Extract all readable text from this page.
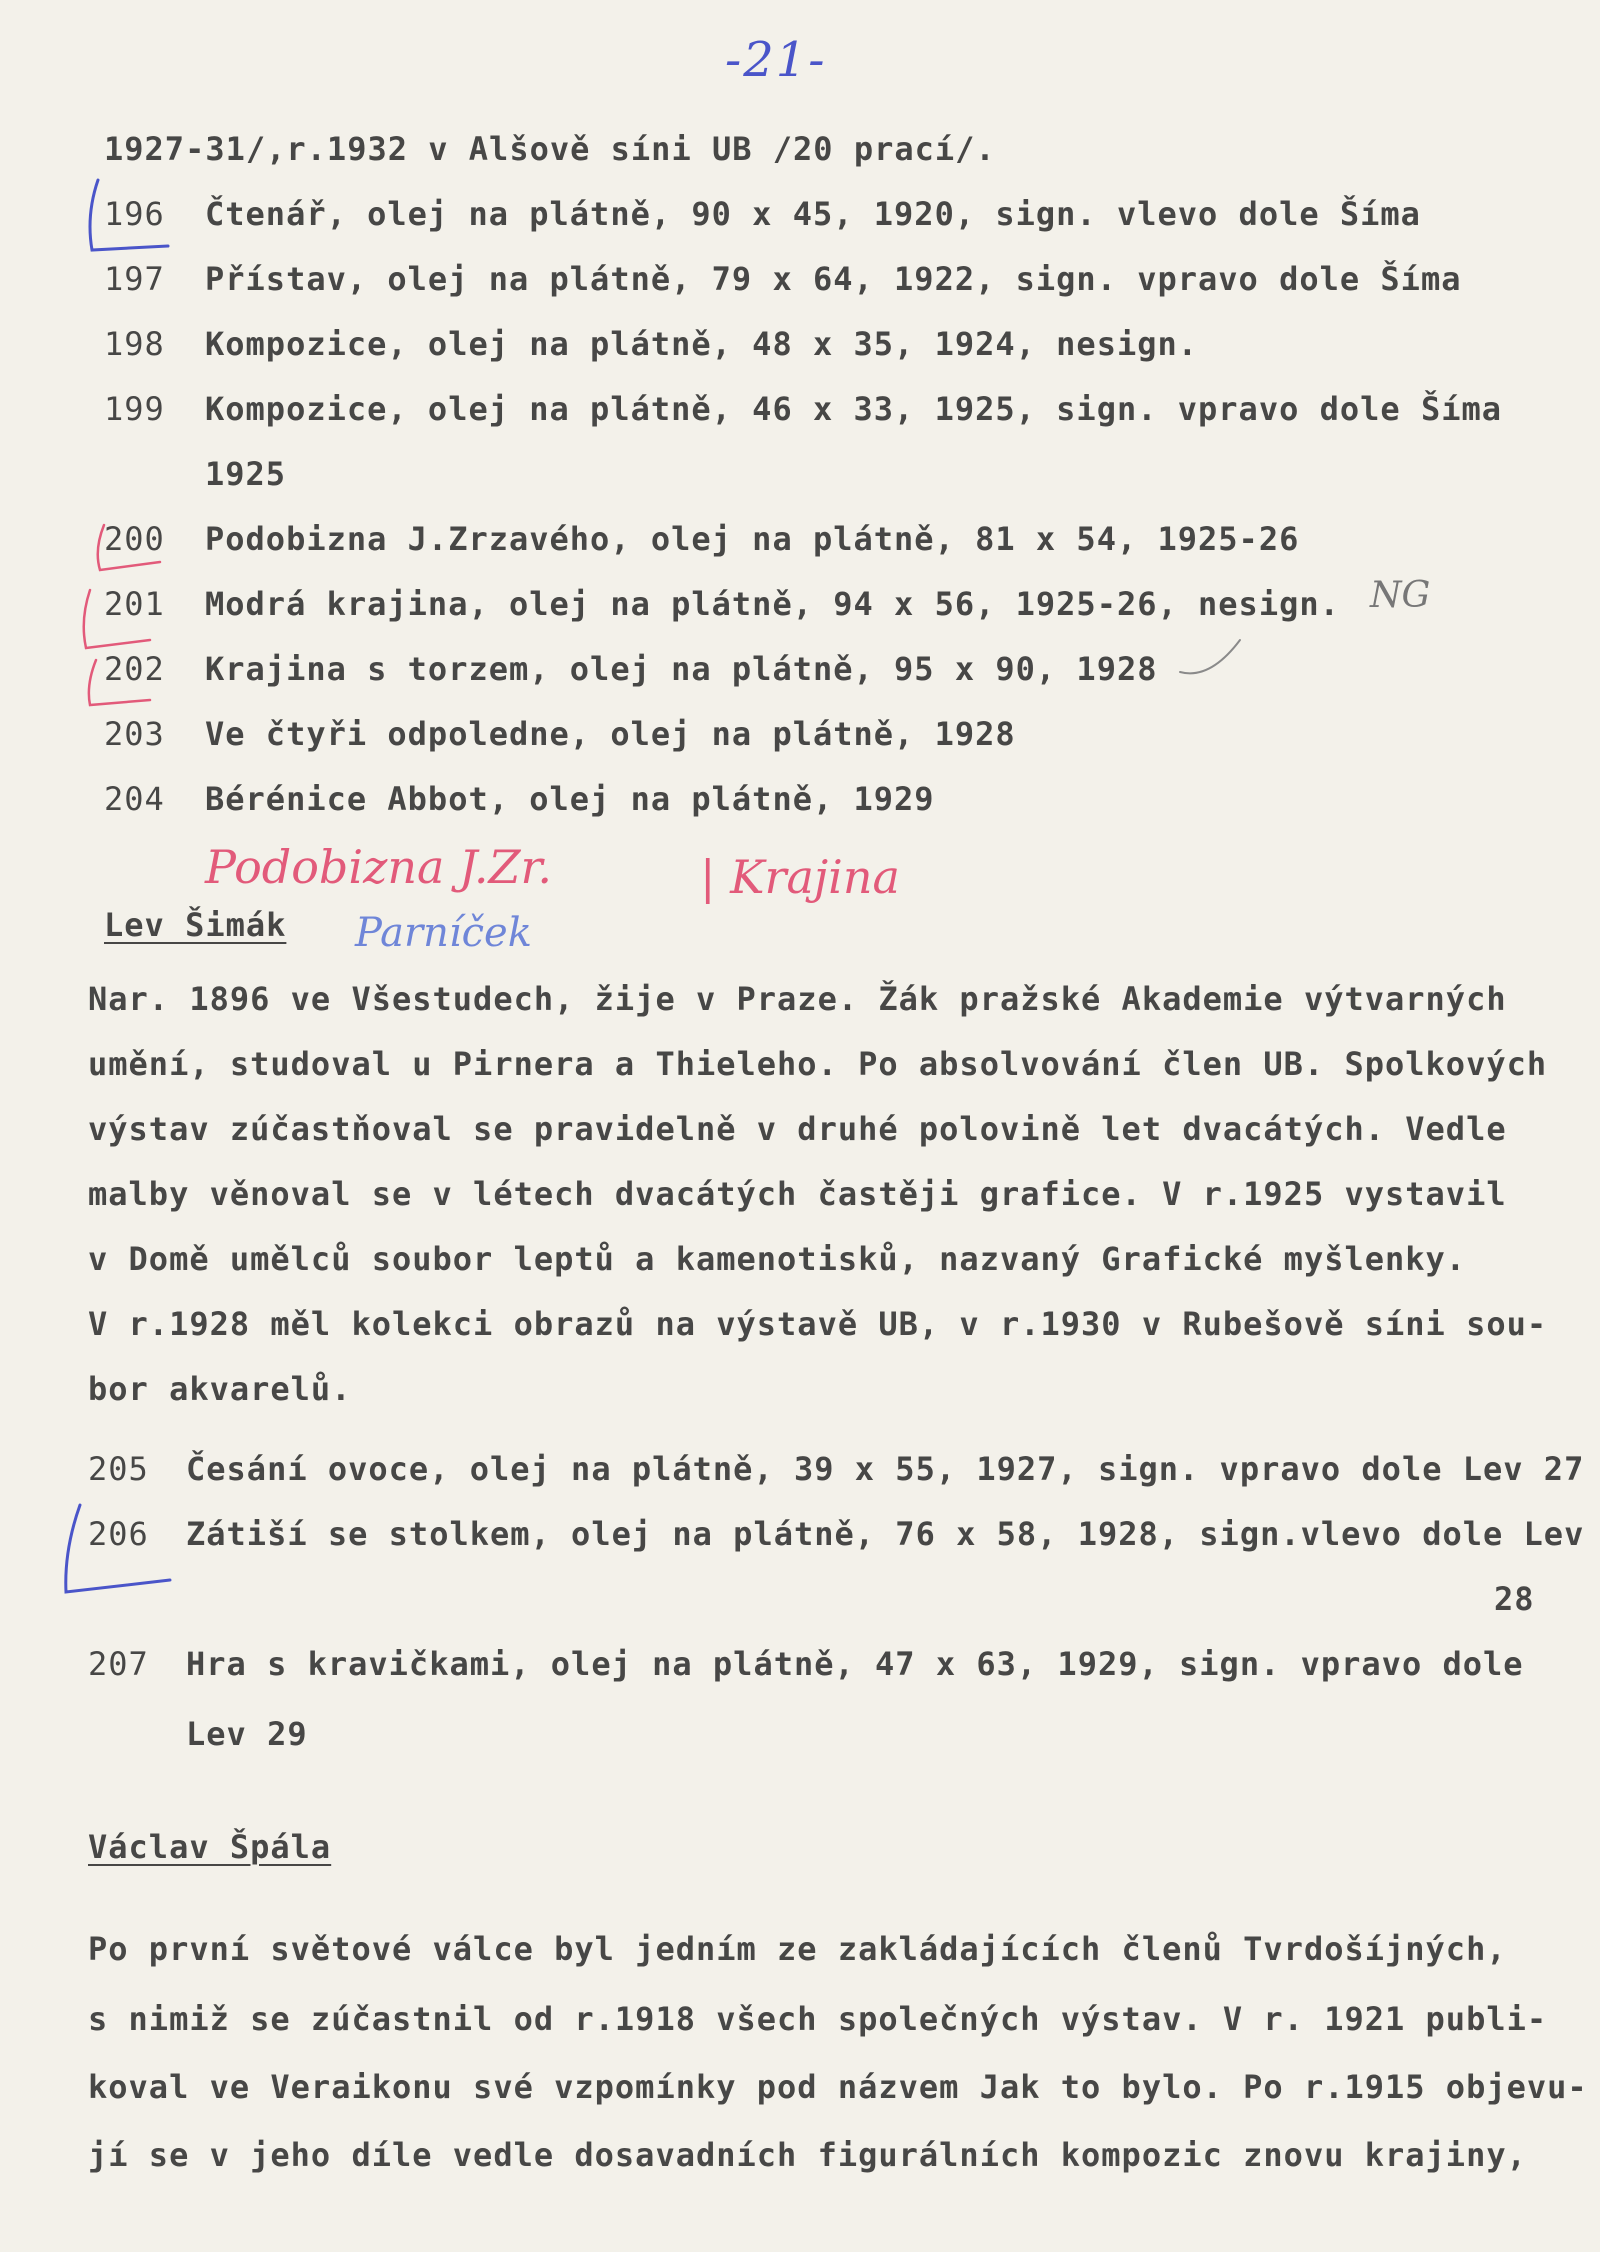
-21-
1927-31/,r.1932 v Alšově síni UB /20 prací/.
196 Čtenář, olej na plátně, 90 x 45, 1920, sign. vlevo dole Šíma
197 Přístav, olej na plátně, 79 x 64, 1922, sign. vpravo dole Šíma
198 Kompozice, olej na plátně, 48 x 35, 1924, nesign.
199 Kompozice, olej na plátně, 46 x 33, 1925, sign. vpravo dole Šíma
1925
200 Podobizna J.Zrzavého, olej na plátně, 81 x 54, 1925-26
201 Modrá krajina, olej na plátně, 94 x 56, 1925-26, nesign.
202 Krajina s torzem, olej na plátně, 95 x 90, 1928
203 Ve čtyři odpoledne, olej na plátně, 1928
204 Bérénice Abbot, olej na plátně, 1929
NG
Podobizna J.Zr.	| Krajina
Parníček
Lev Šimák
Nar. 1896 ve Všestudech, žije v Praze. Žák pražské Akademie výtvarných
umění, studoval u Pirnera a Thieleho. Po absolvování člen UB. Spolkových
výstav zúčastňoval se pravidelně v druhé polovině let dvacátých. Vedle
malby věnoval se v létech dvacátých častěji grafice. V r.1925 vystavil
v Domě umělců soubor leptů a kamenotisků, nazvaný Grafické myšlenky.
V r.1928 měl kolekci obrazů na výstavě UB, v r.1930 v Rubešově síni sou-
bor akvarelů.
205 Česání ovoce, olej na plátně, 39 x 55, 1927, sign. vpravo dole Lev 27
206 Zátiší se stolkem, olej na plátně, 76 x 58, 1928, sign.vlevo dole Lev
28
207 Hra s kravičkami, olej na plátně, 47 x 63, 1929, sign. vpravo dole
Lev 29
Václav Špála
Po první světové válce byl jedním ze zakládajících členů Tvrdošíjných,
s nimiž se zúčastnil od r.1918 všech společných výstav. V r. 1921 publi-
koval ve Veraikonu své vzpomínky pod názvem Jak to bylo. Po r.1915 objevu-
jí se v jeho díle vedle dosavadních figurálních kompozic znovu krajiny,
